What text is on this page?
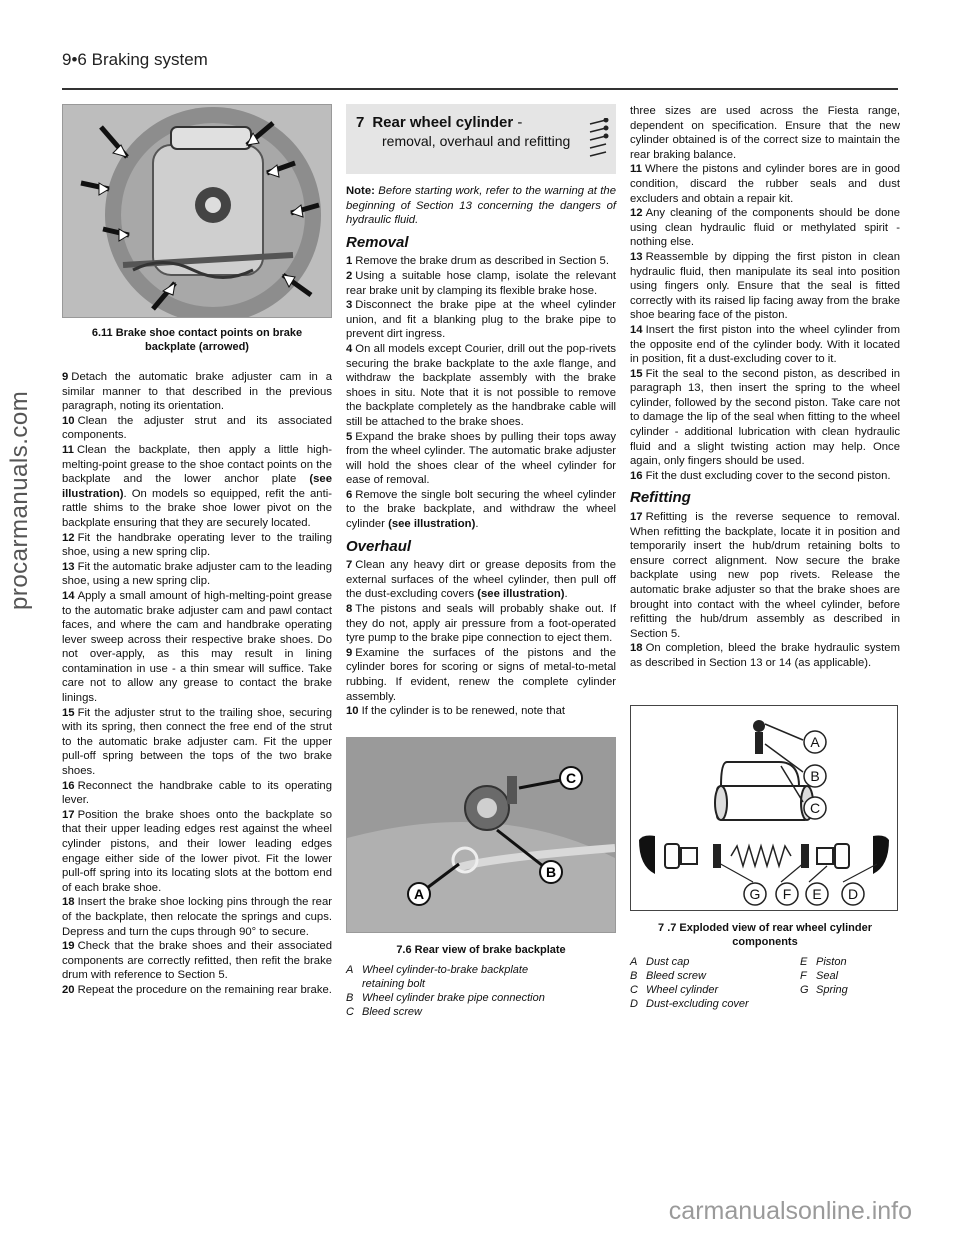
9•6 Braking system
procarmanuals.com
6.11 Brake shoe contact points on brake backplate (arrowed)

9 Detach the automatic brake adjuster cam in a similar manner to that described in the previous paragraph, noting its orientation.

10 Clean the adjuster strut and its associated components.

11 Clean the backplate, then apply a little high-melting-point grease to the shoe contact points on the backplate and the lower anchor plate (see illustration). On models so equipped, refit the anti-rattle shims to the brake shoe lower pivot on the backplate ensuring that they are securely located.

12 Fit the handbrake operating lever to the trailing shoe, using a new spring clip.

13 Fit the automatic brake adjuster cam to the leading shoe, using a new spring clip.

14 Apply a small amount of high-melting-point grease to the automatic brake adjuster cam and pawl contact faces, and where the cam and handbrake operating lever sweep across their respective brake shoes. Do not over-apply, as this may result in lining contamination in use - a thin smear will suffice. Take care not to allow any grease to contact the brake linings.

15 Fit the adjuster strut to the trailing shoe, securing with its spring, then connect the free end of the strut to the automatic brake adjuster cam. Fit the upper pull-off spring between the tops of the two brake shoes.

16 Reconnect the handbrake cable to its operating lever.

17 Position the brake shoes onto the backplate so that their upper leading edges rest against the wheel cylinder pistons, and their lower leading edges engage either side of the lower pivot. Fit the lower pull-off spring into its locating slots at the bottom end of each brake shoe.

18 Insert the brake shoe locking pins through the rear of the backplate, then relocate the springs and cups. Depress and turn the cups through 90° to secure.

19 Check that the brake shoes and their associated components are correctly refitted, then refit the brake drum with reference to Section 5.

20 Repeat the procedure on the remaining rear brake.

7 Rear wheel cylinder -
removal, overhaul and refitting

Note: Before starting work, refer to the warning at the beginning of Section 13 concerning the dangers of hydraulic fluid.

Removal

1 Remove the brake drum as described in Section 5.

2 Using a suitable hose clamp, isolate the relevant rear brake unit by clamping its flexible brake hose.

3 Disconnect the brake pipe at the wheel cylinder union, and fit a blanking plug to the brake pipe to prevent dirt ingress.

4 On all models except Courier, drill out the pop-rivets securing the brake backplate to the axle flange, and withdraw the backplate assembly with the brake shoes in situ. Note that it is not possible to remove the backplate completely as the handbrake cable will still be attached to the brake shoes.

5 Expand the brake shoes by pulling their tops away from the wheel cylinder. The automatic brake adjuster will hold the shoes clear of the wheel cylinder for ease of removal.

6 Remove the single bolt securing the wheel cylinder to the brake backplate, and withdraw the wheel cylinder (see illustration).

Overhaul

7 Clean any heavy dirt or grease deposits from the external surfaces of the wheel cylinder, then pull off the dust-excluding covers (see illustration).

8 The pistons and seals will probably shake out. If they do not, apply air pressure from a foot-operated tyre pump to the brake pipe connection to eject them.

9 Examine the surfaces of the pistons and the cylinder bores for scoring or signs of metal-to-metal rubbing. If evident, renew the complete cylinder assembly.

10 If the cylinder is to be renewed, note that

A
B
C
7.6 Rear view of brake backplate
A Wheel cylinder-to-brake backplate
retaining bolt
B Wheel cylinder brake pipe connection
C Bleed screw

three sizes are used across the Fiesta range, dependent on specification. Ensure that the new cylinder obtained is of the correct size to maintain the rear braking balance.

11 Where the pistons and cylinder bores are in good condition, discard the rubber seals and dust excluders and obtain a repair kit.

12 Any cleaning of the components should be done using clean hydraulic fluid or methylated spirit - nothing else.

13 Reassemble by dipping the first piston in clean hydraulic fluid, then manipulate its seal into position using fingers only. Ensure that the seal is fitted correctly with its raised lip facing away from the brake shoe bearing face of the piston.

14 Insert the first piston into the wheel cylinder from the opposite end of the cylinder body. With it located in position, fit a dust-excluding cover to it.

15 Fit the seal to the second piston, as described in paragraph 13, then insert the spring to the wheel cylinder, followed by the second piston. Take care not to damage the lip of the seal when fitting to the wheel cylinder - additional lubrication with clean hydraulic fluid and a slight twisting action may help. Once again, only fingers should be used.

16 Fit the dust excluding cover to the second piston.

Refitting

17 Refitting is the reverse sequence to removal. When refitting the backplate, locate it in position and temporarily insert the hub/drum retaining bolts to ensure correct alignment. Now secure the brake backplate using new pop rivets. Release the automatic brake adjuster so that the brake shoes are brought into contact with the wheel cylinder, before refitting the hub/drum assembly as described in Section 5.

18 On completion, bleed the brake hydraulic system as described in Section 13 or 14 (as applicable).

A
B
C
D
E
F
G
7 .7 Exploded view of rear wheel cylinder components
A Dust cap	E Piston
B Bleed screw	F Seal
C Wheel cylinder	G Spring
D Dust-excluding cover
carmanualsonline.info
